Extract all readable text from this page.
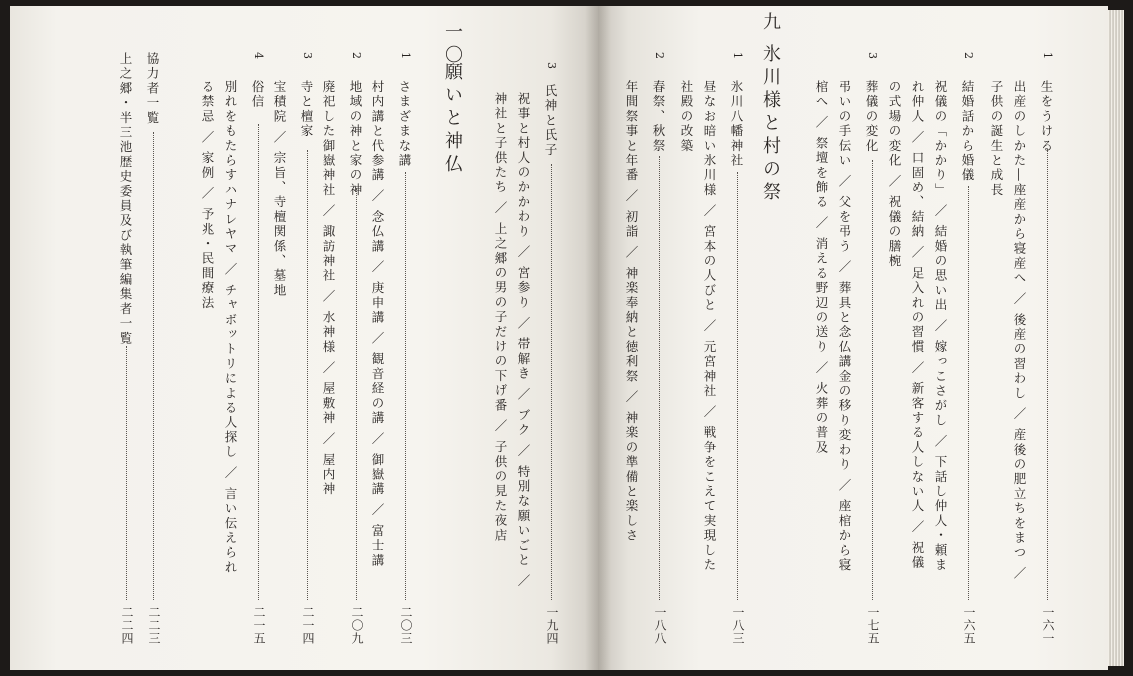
九
氷川様と村の祭	1
生をうける
一六一
出産のしかた―座産から寝産へ ／ 後産の習わし ／ 産後の肥立ちをまつ ／
子供の誕生と成長
2
結婚話から婚儀
一六五
祝儀の「かかり」 ／ 結婚の思い出 ／ 嫁っこさがし ／ 下話し仲人・頼ま
れ仲人 ／ 口固め、結納 ／ 足入れの習慣 ／ 新客する人しない人 ／ 祝儀
の式場の変化 ／ 祝儀の膳椀
3
葬儀の変化
一七五
弔いの手伝い ／ 父を弔う ／ 葬具と念仏講金の移り変わり ／ 座棺から寝
棺へ ／ 祭壇を飾る ／ 消える野辺の送り ／ 火葬の普及
1
氷川八幡神社
一八三
昼なお暗い氷川様 ／ 宮本の人びと ／ 元宮神社 ／ 戦争をこえて実現した
社殿の改築
2
春祭、秋祭
一八八
年間祭事と年番 ／ 初詣 ／ 神楽奉納と徳利祭 ／ 神楽の準備と楽しさ
3
氏神と氏子
一九四
祝事と村人のかかわり ／ 宮参り ／ 帯解き ／ ブク ／ 特別な願いごと ／
神社と子供たち ／ 上之郷の男の子だけの下げ番 ／ 子供の見た夜店
一〇
願いと神仏
1
さまざまな講
二〇三
村内講と代参講 ／ 念仏講 ／ 庚申講 ／ 観音経の講 ／ 御嶽講 ／ 富士講
2
地域の神と家の神
二〇九
廃祀した御嶽神社 ／ 諏訪神社 ／ 水神様 ／ 屋敷神 ／ 屋内神
3
寺と檀家
二一四
宝積院 ／ 宗旨、寺檀関係、墓地
4
俗信
二一五
別れをもたらすハナレヤマ ／ チャボットリによる人探し ／ 言い伝えられ
る禁忌 ／ 家例 ／ 予兆・民間療法
協力者一覧
二二三
上之郷・半三池歴史委員及び執筆編集者一覧
二二四
